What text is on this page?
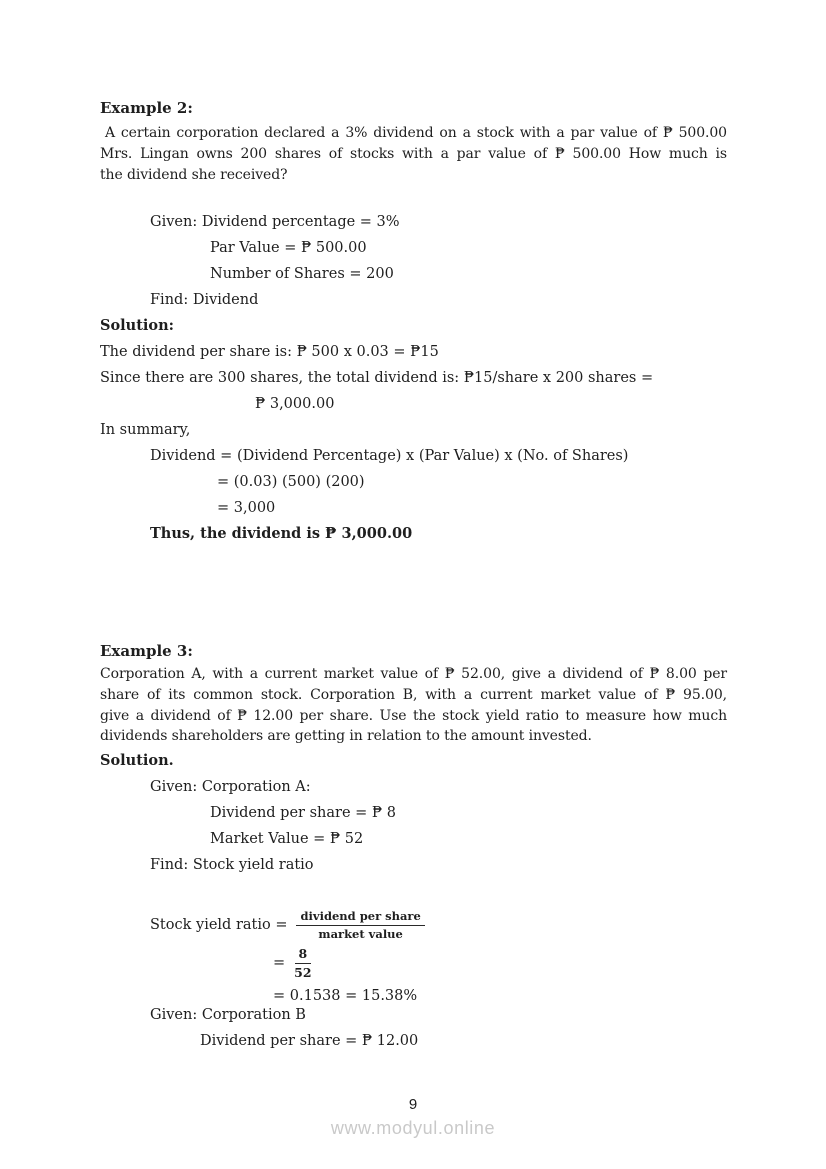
Example 2:
A certain corporation declared a 3% dividend on a stock with a par value of ₱ 500.00
Mrs. Lingan owns 200 shares of stocks with a par value of ₱ 500.00 How much is
the dividend she received?
Given: Dividend percentage = 3%
Par Value = ₱ 500.00
Number of Shares = 200
Find: Dividend
Solution:
The dividend per share is: ₱ 500 x 0.03 = ₱15
Since there are 300 shares, the total dividend is: ₱15/share x 200 shares =
₱ 3,000.00
In summary,
Dividend = (Dividend Percentage) x (Par Value) x (No. of Shares)
= (0.03) (500) (200)
= 3,000
Thus, the dividend is ₱ 3,000.00
Example 3:
Corporation A, with a current market value of ₱ 52.00, give a dividend of ₱ 8.00 per
share of its common stock. Corporation B, with a current market value of ₱ 95.00,
give a dividend of ₱ 12.00 per share. Use the stock yield ratio to measure how much
dividends shareholders are getting in relation to the amount invested.
Solution.
Given: Corporation A:
Dividend per share = ₱ 8
Market Value = ₱ 52
Find: Stock yield ratio
Stock yield ratio = $\frac{\text{dividend per share}}{\text{market value}}$
= $\frac{8}{52}$
= 0.1538 = 15.38%
Given: Corporation B
Dividend per share = ₱ 12.00
9
www.modyul.online
